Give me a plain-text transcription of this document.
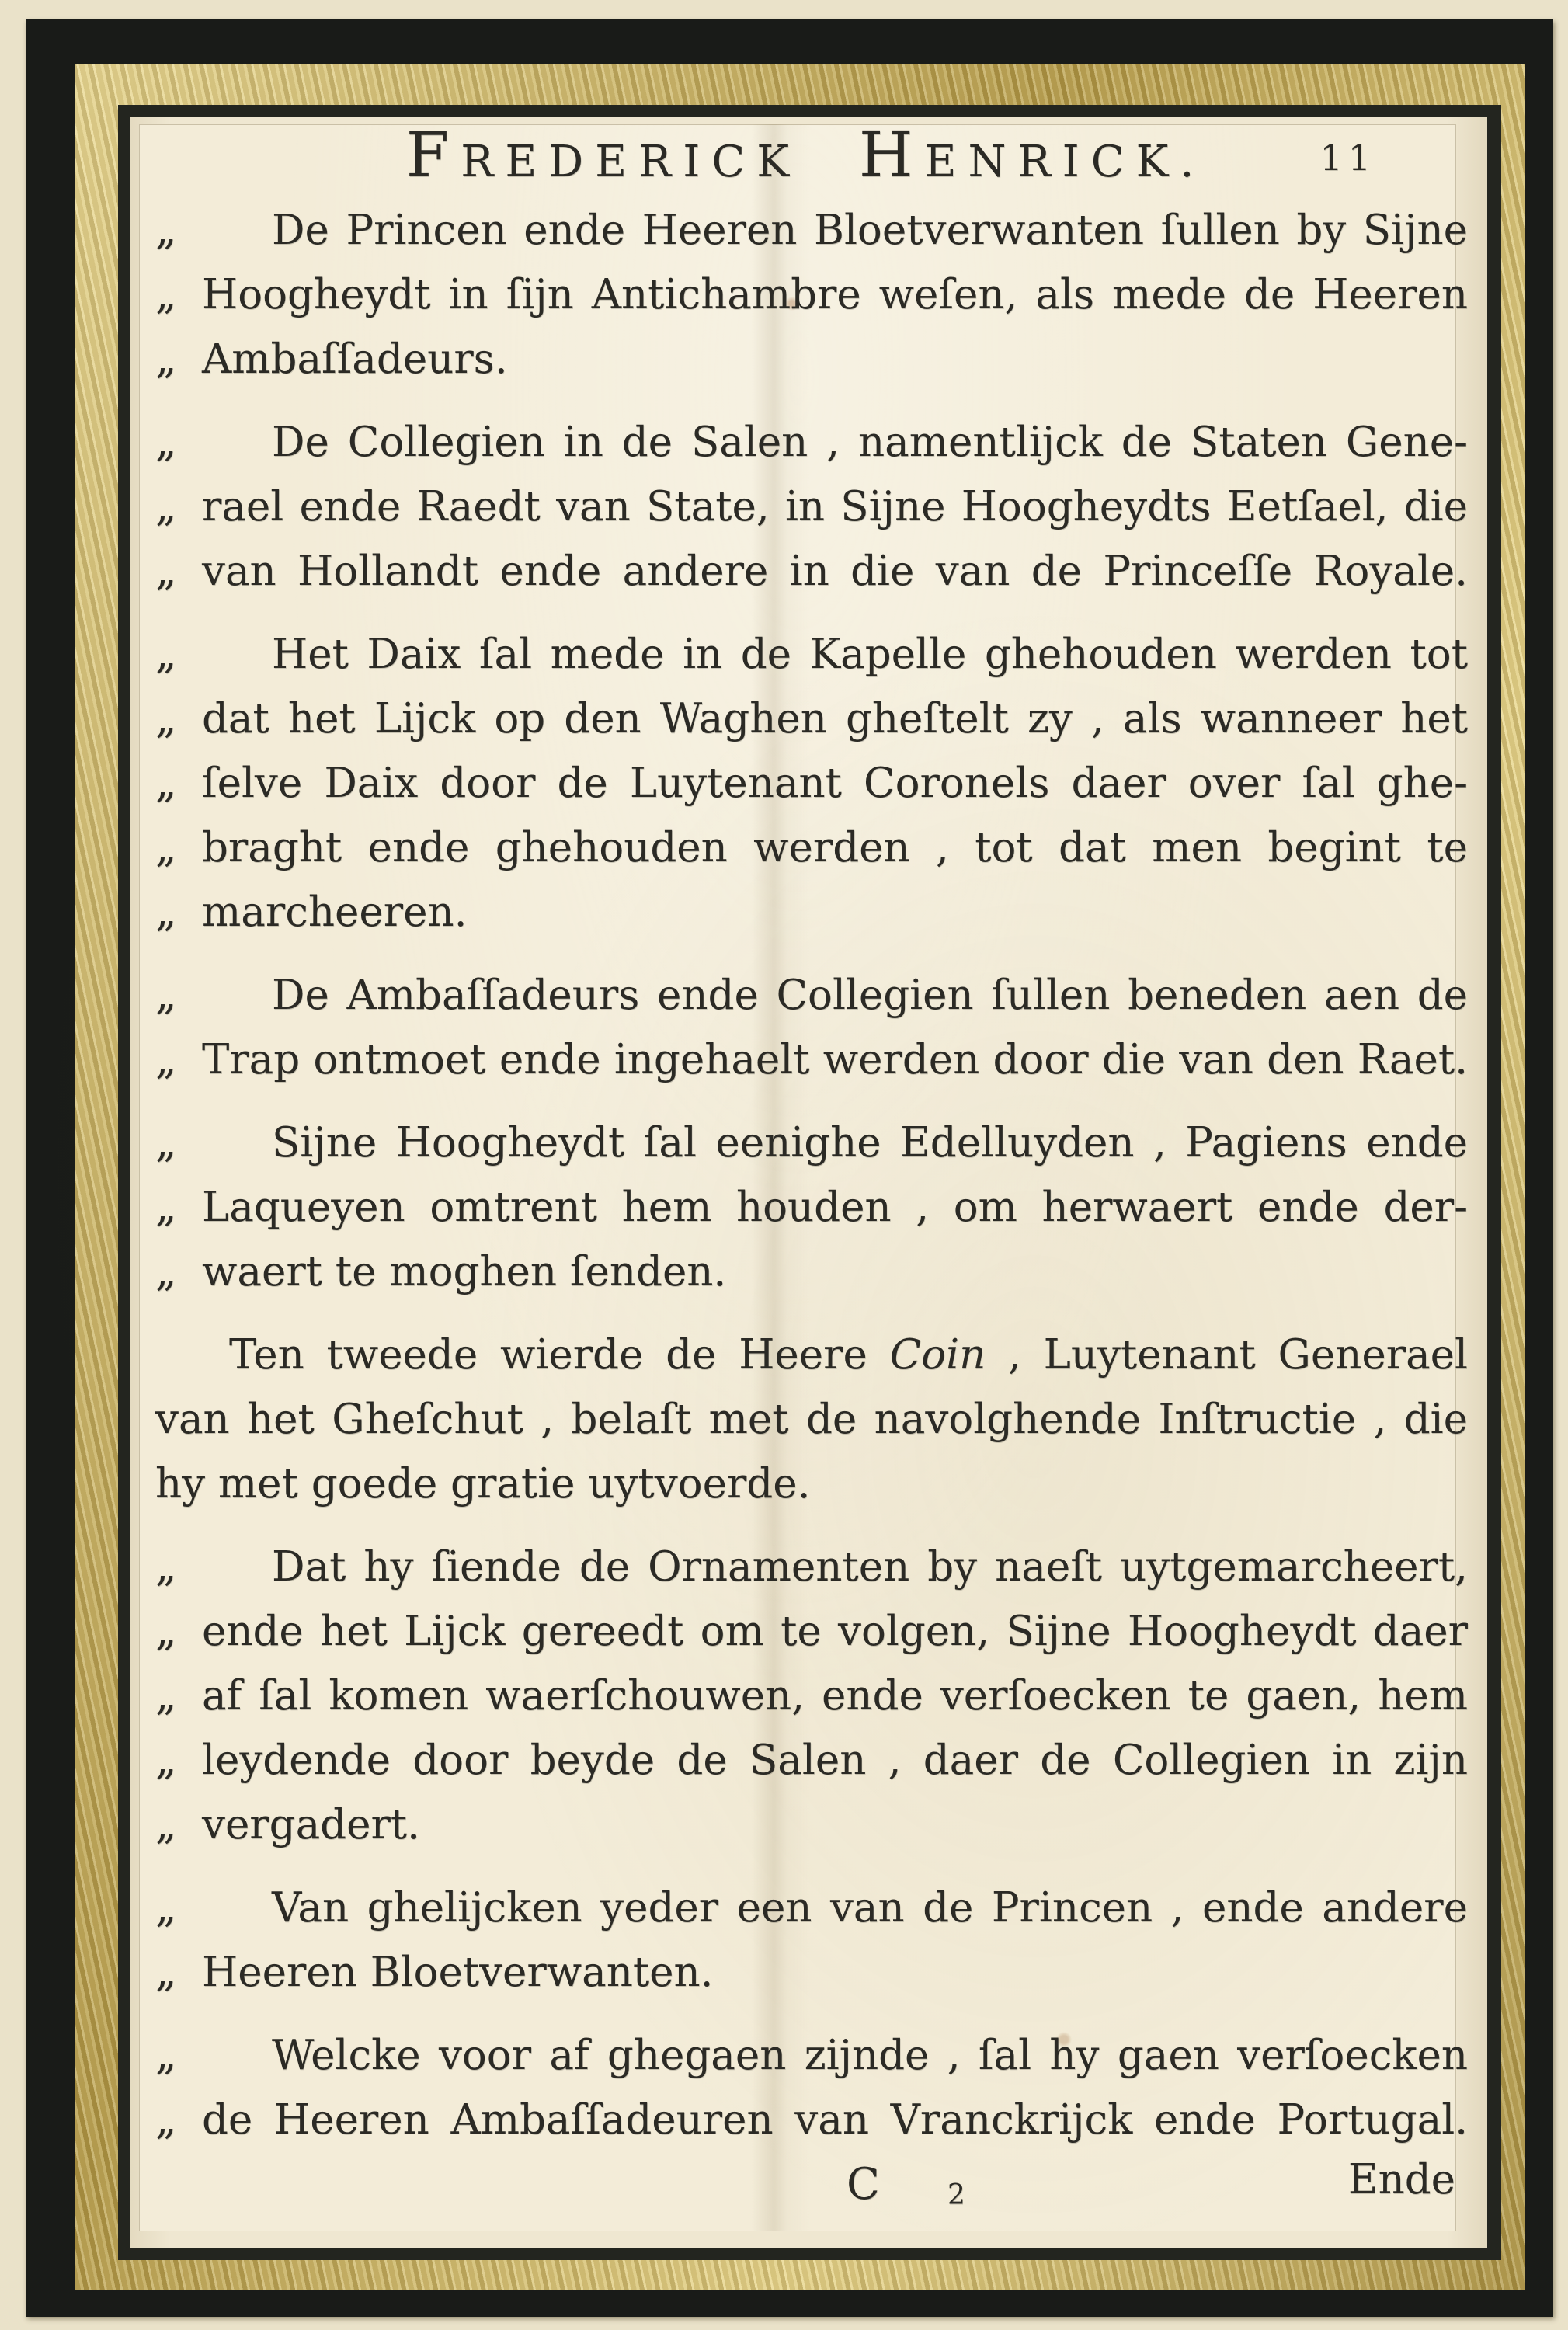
FREDERICK HENRICK.	11
„ De Princen ende Heeren Bloetverwanten ſullen by Sijne
„ Hoogheydt in ſijn Antichambre weſen, als mede de Heeren
„ Ambaſſadeurs.
„ De Collegien in de Salen , namentlijck de Staten Gene-
„ rael ende Raedt van State, in Sijne Hoogheydts Eetſael, die
„ van Hollandt ende andere in die van de Princeſſe Royale.
„ Het Daix ſal mede in de Kapelle ghehouden werden tot
„ dat het Lijck op den Waghen gheſtelt zy , als wanneer het
„ ſelve Daix door de Luytenant Coronels daer over ſal ghe-
„ braght ende ghehouden werden , tot dat men begint te
„ marcheeren.
„ De Ambaſſadeurs ende Collegien ſullen beneden aen de
„ Trap ontmoet ende ingehaelt werden door die van den Raet.
„ Sijne Hoogheydt ſal eenighe Edelluyden , Pagiens ende
„ Laqueyen omtrent hem houden , om herwaert ende der-
„ waert te moghen ſenden.
Ten tweede wierde de Heere Coin , Luytenant Generael
van het Gheſchut , belaſt met de navolghende Inſtructie , die
hy met goede gratie uytvoerde.
„ Dat hy ſiende de Ornamenten by naeſt uytgemarcheert,
„ ende het Lijck gereedt om te volgen, Sijne Hoogheydt daer
„ af ſal komen waerſchouwen, ende verſoecken te gaen, hem
„ leydende door beyde de Salen , daer de Collegien in zijn
„ vergadert.
„ Van ghelijcken yeder een van de Princen , ende andere
„ Heeren Bloetverwanten.
„ Welcke voor af ghegaen zijnde , ſal hy gaen verſoecken
„ de Heeren Ambaſſadeuren van Vranckrijck ende Portugal.
C 2	Ende
